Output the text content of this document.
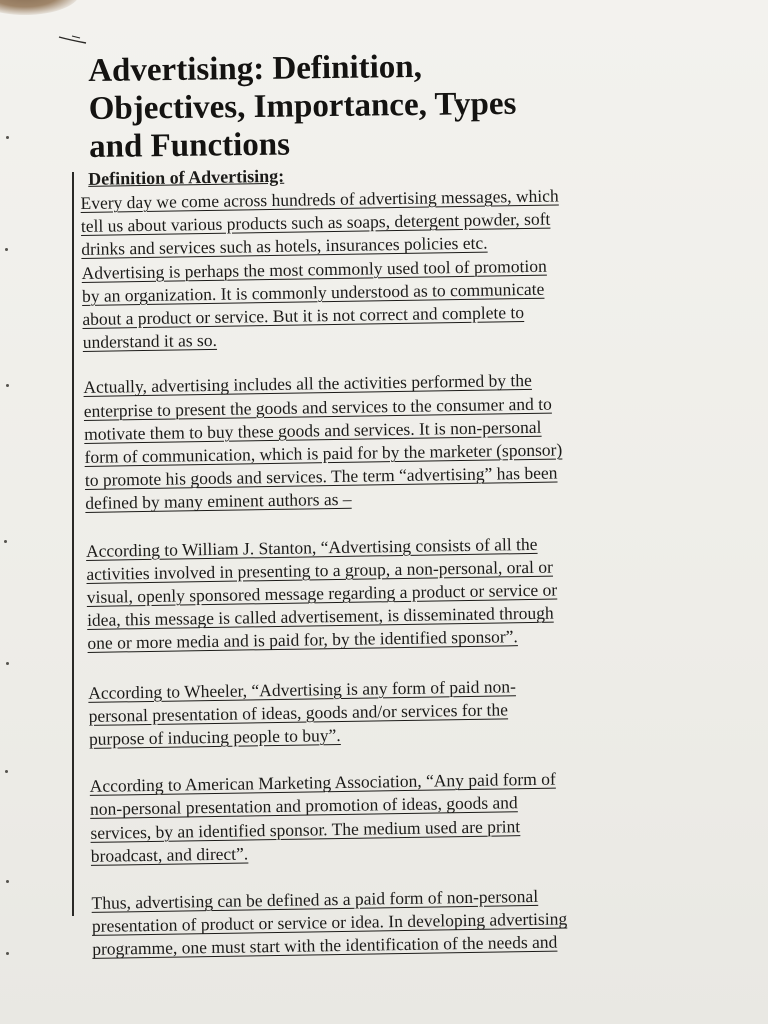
Advertising: Definition,
Objectives, Importance, Types
and Functions
Definition of Advertising:

Every day we come across hundreds of advertising messages, which
tell us about various products such as soaps, detergent powder, soft
drinks and services such as hotels, insurances policies etc.
Advertising is perhaps the most commonly used tool of promotion
by an organization. It is commonly understood as to communicate
about a product or service. But it is not correct and complete to
understand it as so.

Actually, advertising includes all the activities performed by the
enterprise to present the goods and services to the consumer and to
motivate them to buy these goods and services. It is non-personal
form of communication, which is paid for by the marketer (sponsor)
to promote his goods and services. The term “advertising” has been
defined by many eminent authors as –

According to William J. Stanton, “Advertising consists of all the
activities involved in presenting to a group, a non-personal, oral or
visual, openly sponsored message regarding a product or service or
idea, this message is called advertisement, is disseminated through
one or more media and is paid for, by the identified sponsor”.

According to Wheeler, “Advertising is any form of paid non-
personal presentation of ideas, goods and/or services for the
purpose of inducing people to buy”.

According to American Marketing Association, “Any paid form of
non-personal presentation and promotion of ideas, goods and
services, by an identified sponsor. The medium used are print
broadcast, and direct”.

Thus, advertising can be defined as a paid form of non-personal
presentation of product or service or idea. In developing advertising
programme, one must start with the identification of the needs and
